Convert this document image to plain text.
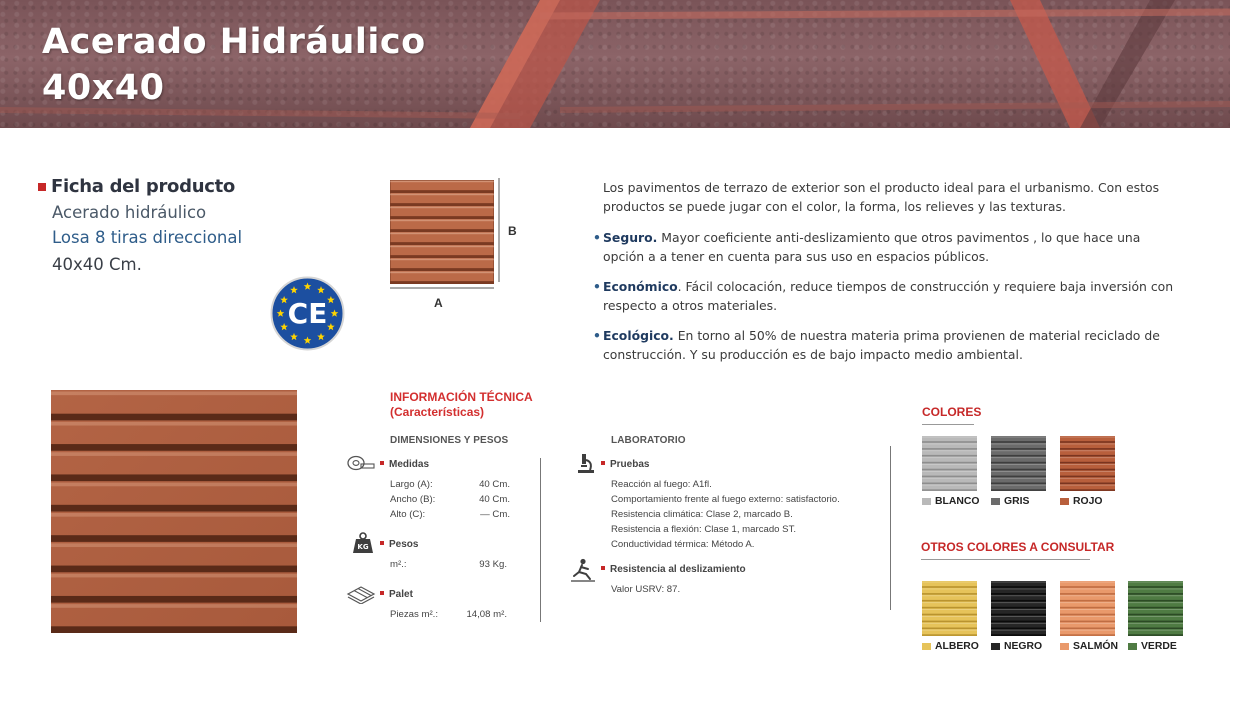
Acerado Hidráulico
40x40
Ficha del producto
Acerado hidráulico
Losa 8 tiras direccional
40x40 Cm.
CE
B
A

Los pavimentos de terrazo de exterior son el producto ideal para el urbanismo. Con estos productos se puede jugar con el color, la forma, los relieves y las texturas.

• Seguro. Mayor coeficiente anti-deslizamiento que otros pavimentos , lo que hace una opción a a tener en cuenta para sus uso en espacios públicos.
• Económico. Fácil colocación, reduce tiempos de construcción y requiere baja inversión con respecto a otros materiales.
• Ecológico. En torno al 50% de nuestra materia prima provienen de material reciclado de construcción. Y su producción es de bajo impacto medio ambiental.
INFORMACIÓN TÉCNICA
(Características)
DIMENSIONES Y PESOS
Medidas
Largo (A):	40 Cm.
Ancho (B):	40 Cm.
Alto (C):	— Cm.
KG	Pesos
m².:	93 Kg.
Palet
Piezas m².:	14,08 m².
LABORATORIO
Pruebas
Reacción al fuego: A1fl.
Comportamiento frente al fuego externo: satisfactorio.
Resistencia climática: Clase 2, marcado B.
Resistencia a flexión: Clase 1, marcado ST.
Conductividad térmica: Método A.
Resistencia al deslizamiento
Valor USRV: 87.
COLORES
BLANCO GRIS	ROJO
OTROS COLORES A CONSULTAR
ALBERO NEGRO	SALMÓN VERDE
